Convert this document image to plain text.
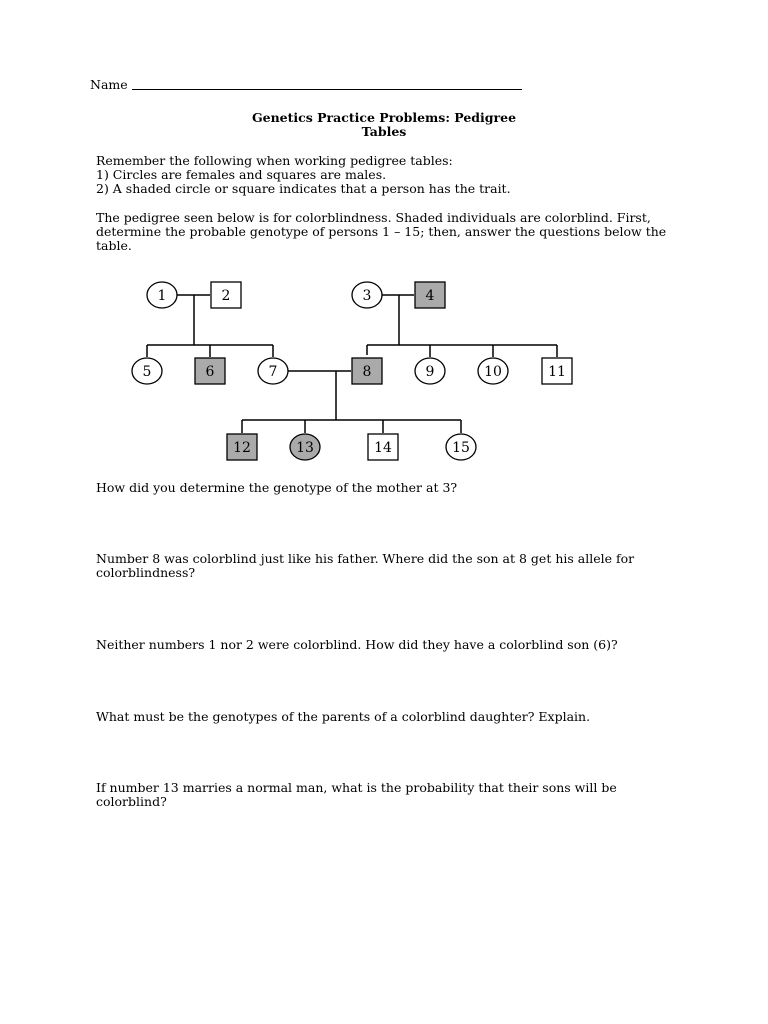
Name
Genetics Practice Problems: Pedigree
Tables
Remember the following when working pedigree tables:
1) Circles are females and squares are males.
2) A shaded circle or square indicates that a person has the trait.
The pedigree seen below is for colorblindness. Shaded individuals are colorblind. First,
determine the probable genotype of persons 1 – 15; then, answer the questions below the
table.
1	2	3	4
5	6	7	8	9	10	11
12	13	14	15
How did you determine the genotype of the mother at 3?
Number 8 was colorblind just like his father. Where did the son at 8 get his allele for
colorblindness?
Neither numbers 1 nor 2 were colorblind. How did they have a colorblind son (6)?
What must be the genotypes of the parents of a colorblind daughter? Explain.
If number 13 marries a normal man, what is the probability that their sons will be
colorblind?
